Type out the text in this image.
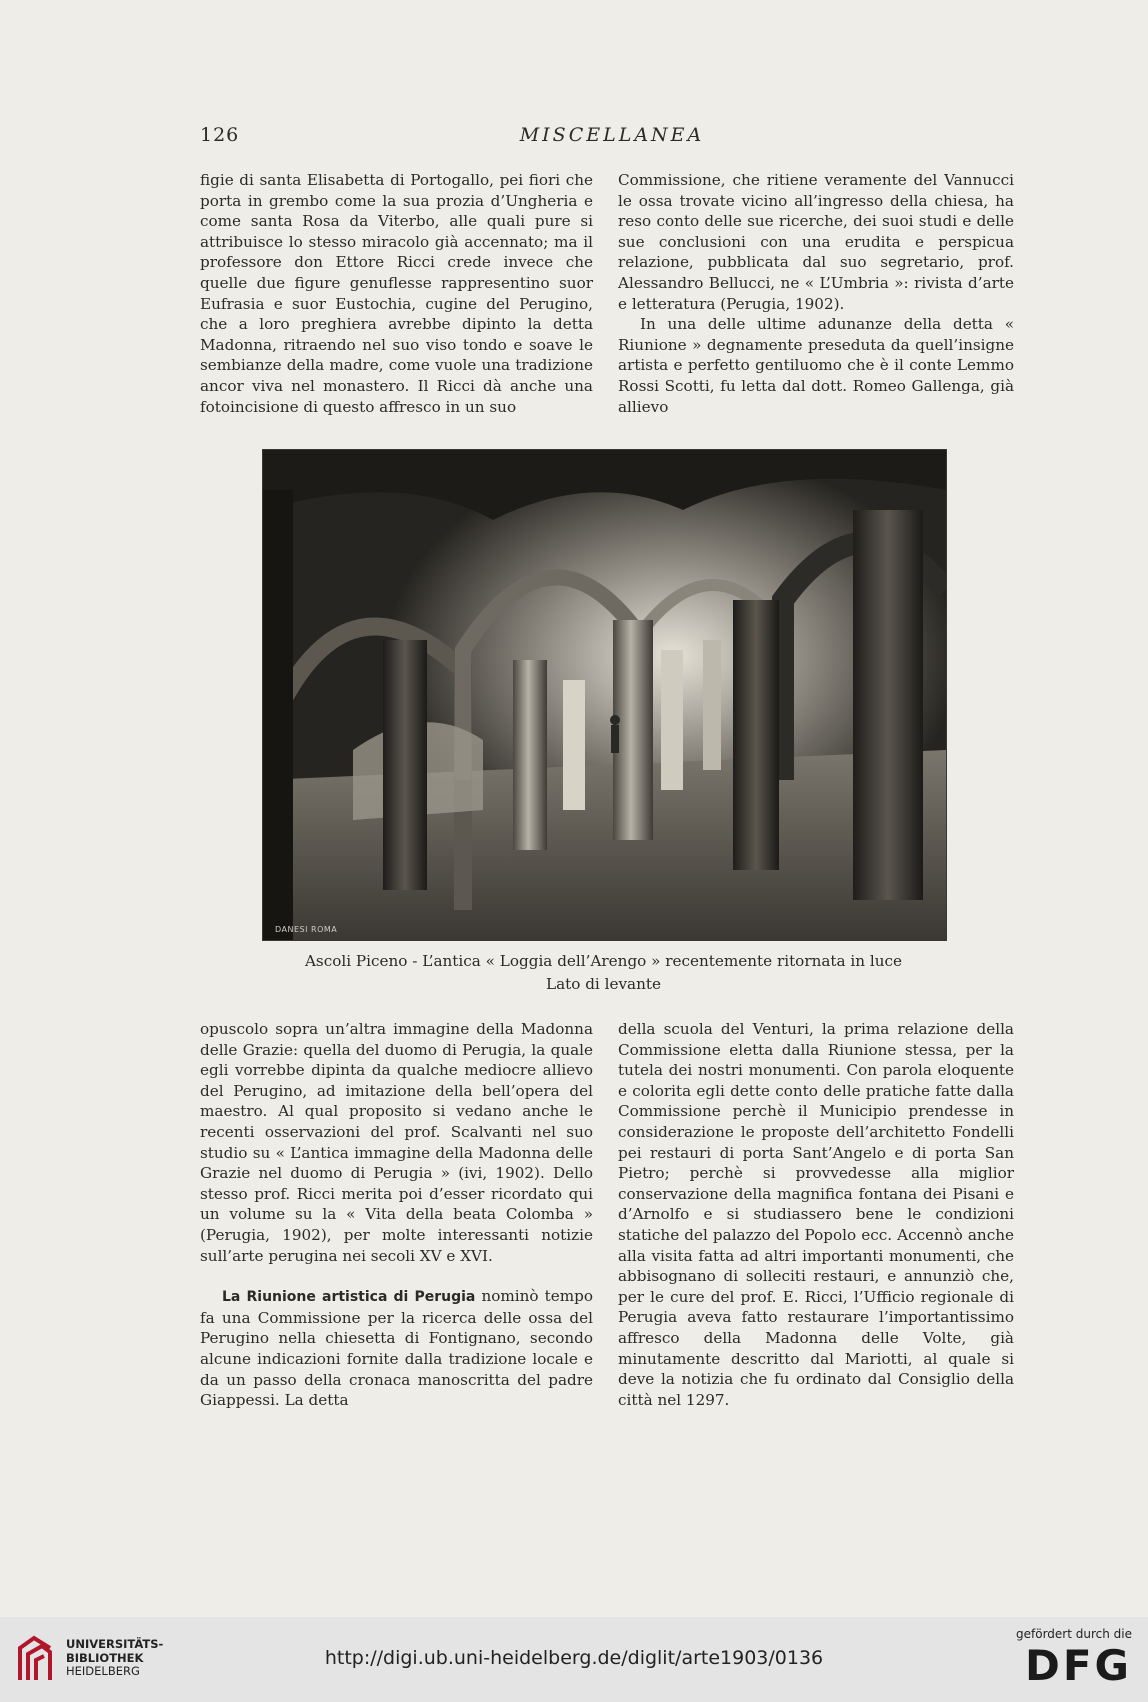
126	MISCELLANEA

figie di santa Elisabetta di Portogallo, pei fiori che porta in grembo come la sua prozia d’Ungheria e come santa Rosa da Viterbo, alle quali pure si attribuisce lo stesso miracolo già accennato; ma il professore don Ettore Ricci crede invece che quelle due figure genuflesse rappresentino suor Eufrasia e suor Eustochia, cugine del Perugino, che a loro preghiera avrebbe dipinto la detta Madonna, ritraendo nel suo viso tondo e soave le sembianze della madre, come vuole una tradizione ancor viva nel monastero. Il Ricci dà anche una fotoincisione di questo affresco in un suo

Commissione, che ritiene veramente del Vannucci le ossa trovate vicino all’ingresso della chiesa, ha reso conto delle sue ricerche, dei suoi studi e delle sue conclusioni con una erudita e perspicua relazione, pubblicata dal suo segretario, prof. Alessandro Bellucci, ne « L’Umbria »: rivista d’arte e letteratura (Perugia, 1902).

In una delle ultime adunanze della detta « Riunione » degnamente preseduta da quell’insigne artista e perfetto gentiluomo che è il conte Lemmo Rossi Scotti, fu letta dal dott. Romeo Gallenga, già allievo

DANESI ROMA
Ascoli Piceno - L’antica « Loggia dell’Arengo » recentemente ritornata in luce
Lato di levante

opuscolo sopra un’altra immagine della Madonna delle Grazie: quella del duomo di Perugia, la quale egli vorrebbe dipinta da qualche mediocre allievo del Perugino, ad imitazione della bell’opera del maestro. Al qual proposito si vedano anche le recenti osservazioni del prof. Scalvanti nel suo studio su « L’antica immagine della Madonna delle Grazie nel duomo di Perugia » (ivi, 1902). Dello stesso prof. Ricci merita poi d’esser ricordato qui un volume su la « Vita della beata Colomba » (Perugia, 1902), per molte interessanti notizie sull’arte perugina nei secoli XV e XVI.

La Riunione artistica di Perugia nominò tempo fa una Commissione per la ricerca delle ossa del Perugino nella chiesetta di Fontignano, secondo alcune indicazioni fornite dalla tradizione locale e da un passo della cronaca manoscritta del padre Giappessi. La detta

della scuola del Venturi, la prima relazione della Commissione eletta dalla Riunione stessa, per la tutela dei nostri monumenti. Con parola eloquente e colorita egli dette conto delle pratiche fatte dalla Commissione perchè il Municipio prendesse in considerazione le proposte dell’architetto Fondelli pei restauri di porta Sant’Angelo e di porta San Pietro; perchè si provvedesse alla miglior conservazione della magnifica fontana dei Pisani e d’Arnolfo e si studiassero bene le condizioni statiche del palazzo del Popolo ecc. Accennò anche alla visita fatta ad altri importanti monumenti, che abbisognano di solleciti restauri, e annunziò che, per le cure del prof. E. Ricci, l’Ufficio regionale di Perugia aveva fatto restaurare l’importantissimo affresco della Madonna delle Volte, già minutamente descritto dal Mariotti, al quale si deve la notizia che fu ordinato dal Consiglio della città nel 1297.

UNIVERSITÄTS-
BIBLIOTHEK
HEIDELBERG
http://digi.ub.uni-heidelberg.de/diglit/arte1903/0136
gefördert durch die
DFG
